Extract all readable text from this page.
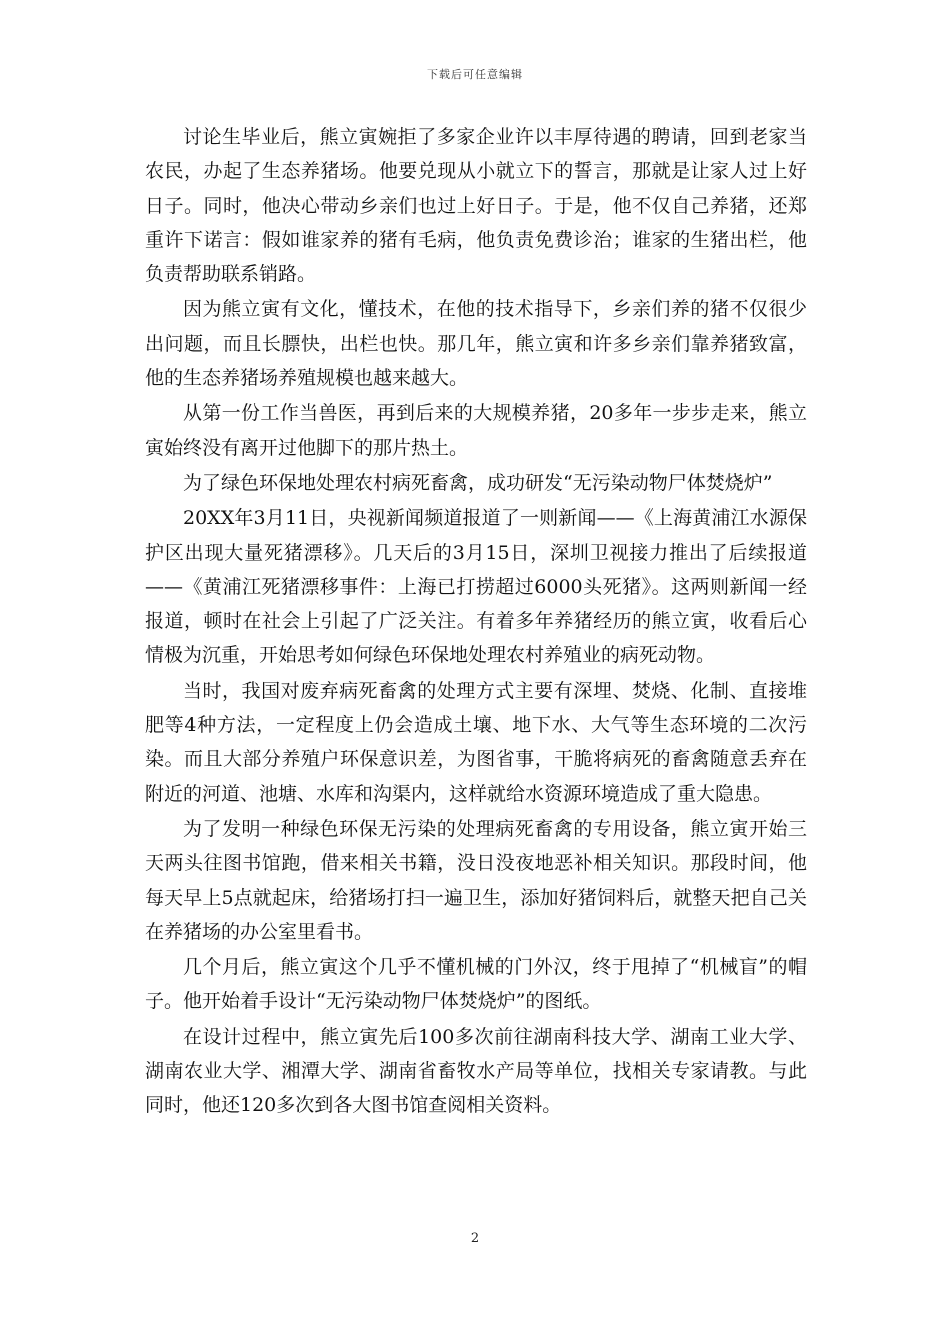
下载后可任意编辑

讨论生毕业后，熊立寅婉拒了多家企业许以丰厚待遇的聘请，回到老家当农民，办起了生态养猪场。他要兑现从小就立下的誓言，那就是让家人过上好日子。同时，他决心带动乡亲们也过上好日子。于是，他不仅自己养猪，还郑重许下诺言：假如谁家养的猪有毛病，他负责免费诊治；谁家的生猪出栏，他负责帮助联系销路。

因为熊立寅有文化，懂技术，在他的技术指导下，乡亲们养的猪不仅很少出问题，而且长膘快，出栏也快。那几年，熊立寅和许多乡亲们靠养猪致富，他的生态养猪场养殖规模也越来越大。

从第一份工作当兽医，再到后来的大规模养猪，20多年一步步走来，熊立寅始终没有离开过他脚下的那片热土。

为了绿色环保地处理农村病死畜禽，成功研发“无污染动物尸体焚烧炉”

20XX年3月11日，央视新闻频道报道了一则新闻——《上海黄浦江水源保护区出现大量死猪漂移》。几天后的3月15日，深圳卫视接力推出了后续报道——《黄浦江死猪漂移事件：上海已打捞超过6000头死猪》。这两则新闻一经报道，顿时在社会上引起了广泛关注。有着多年养猪经历的熊立寅，收看后心情极为沉重，开始思考如何绿色环保地处理农村养殖业的病死动物。

当时，我国对废弃病死畜禽的处理方式主要有深埋、焚烧、化制、直接堆肥等4种方法，一定程度上仍会造成土壤、地下水、大气等生态环境的二次污染。而且大部分养殖户环保意识差，为图省事，干脆将病死的畜禽随意丢弃在附近的河道、池塘、水库和沟渠内，这样就给水资源环境造成了重大隐患。

为了发明一种绿色环保无污染的处理病死畜禽的专用设备，熊立寅开始三天两头往图书馆跑，借来相关书籍，没日没夜地恶补相关知识。那段时间，他每天早上5点就起床，给猪场打扫一遍卫生，添加好猪饲料后，就整天把自己关在养猪场的办公室里看书。

几个月后，熊立寅这个几乎不懂机械的门外汉，终于甩掉了“机械盲”的帽子。他开始着手设计“无污染动物尸体焚烧炉”的图纸。

在设计过程中，熊立寅先后100多次前往湖南科技大学、湖南工业大学、湖南农业大学、湘潭大学、湖南省畜牧水产局等单位，找相关专家请教。与此同时，他还120多次到各大图书馆查阅相关资料。

2
